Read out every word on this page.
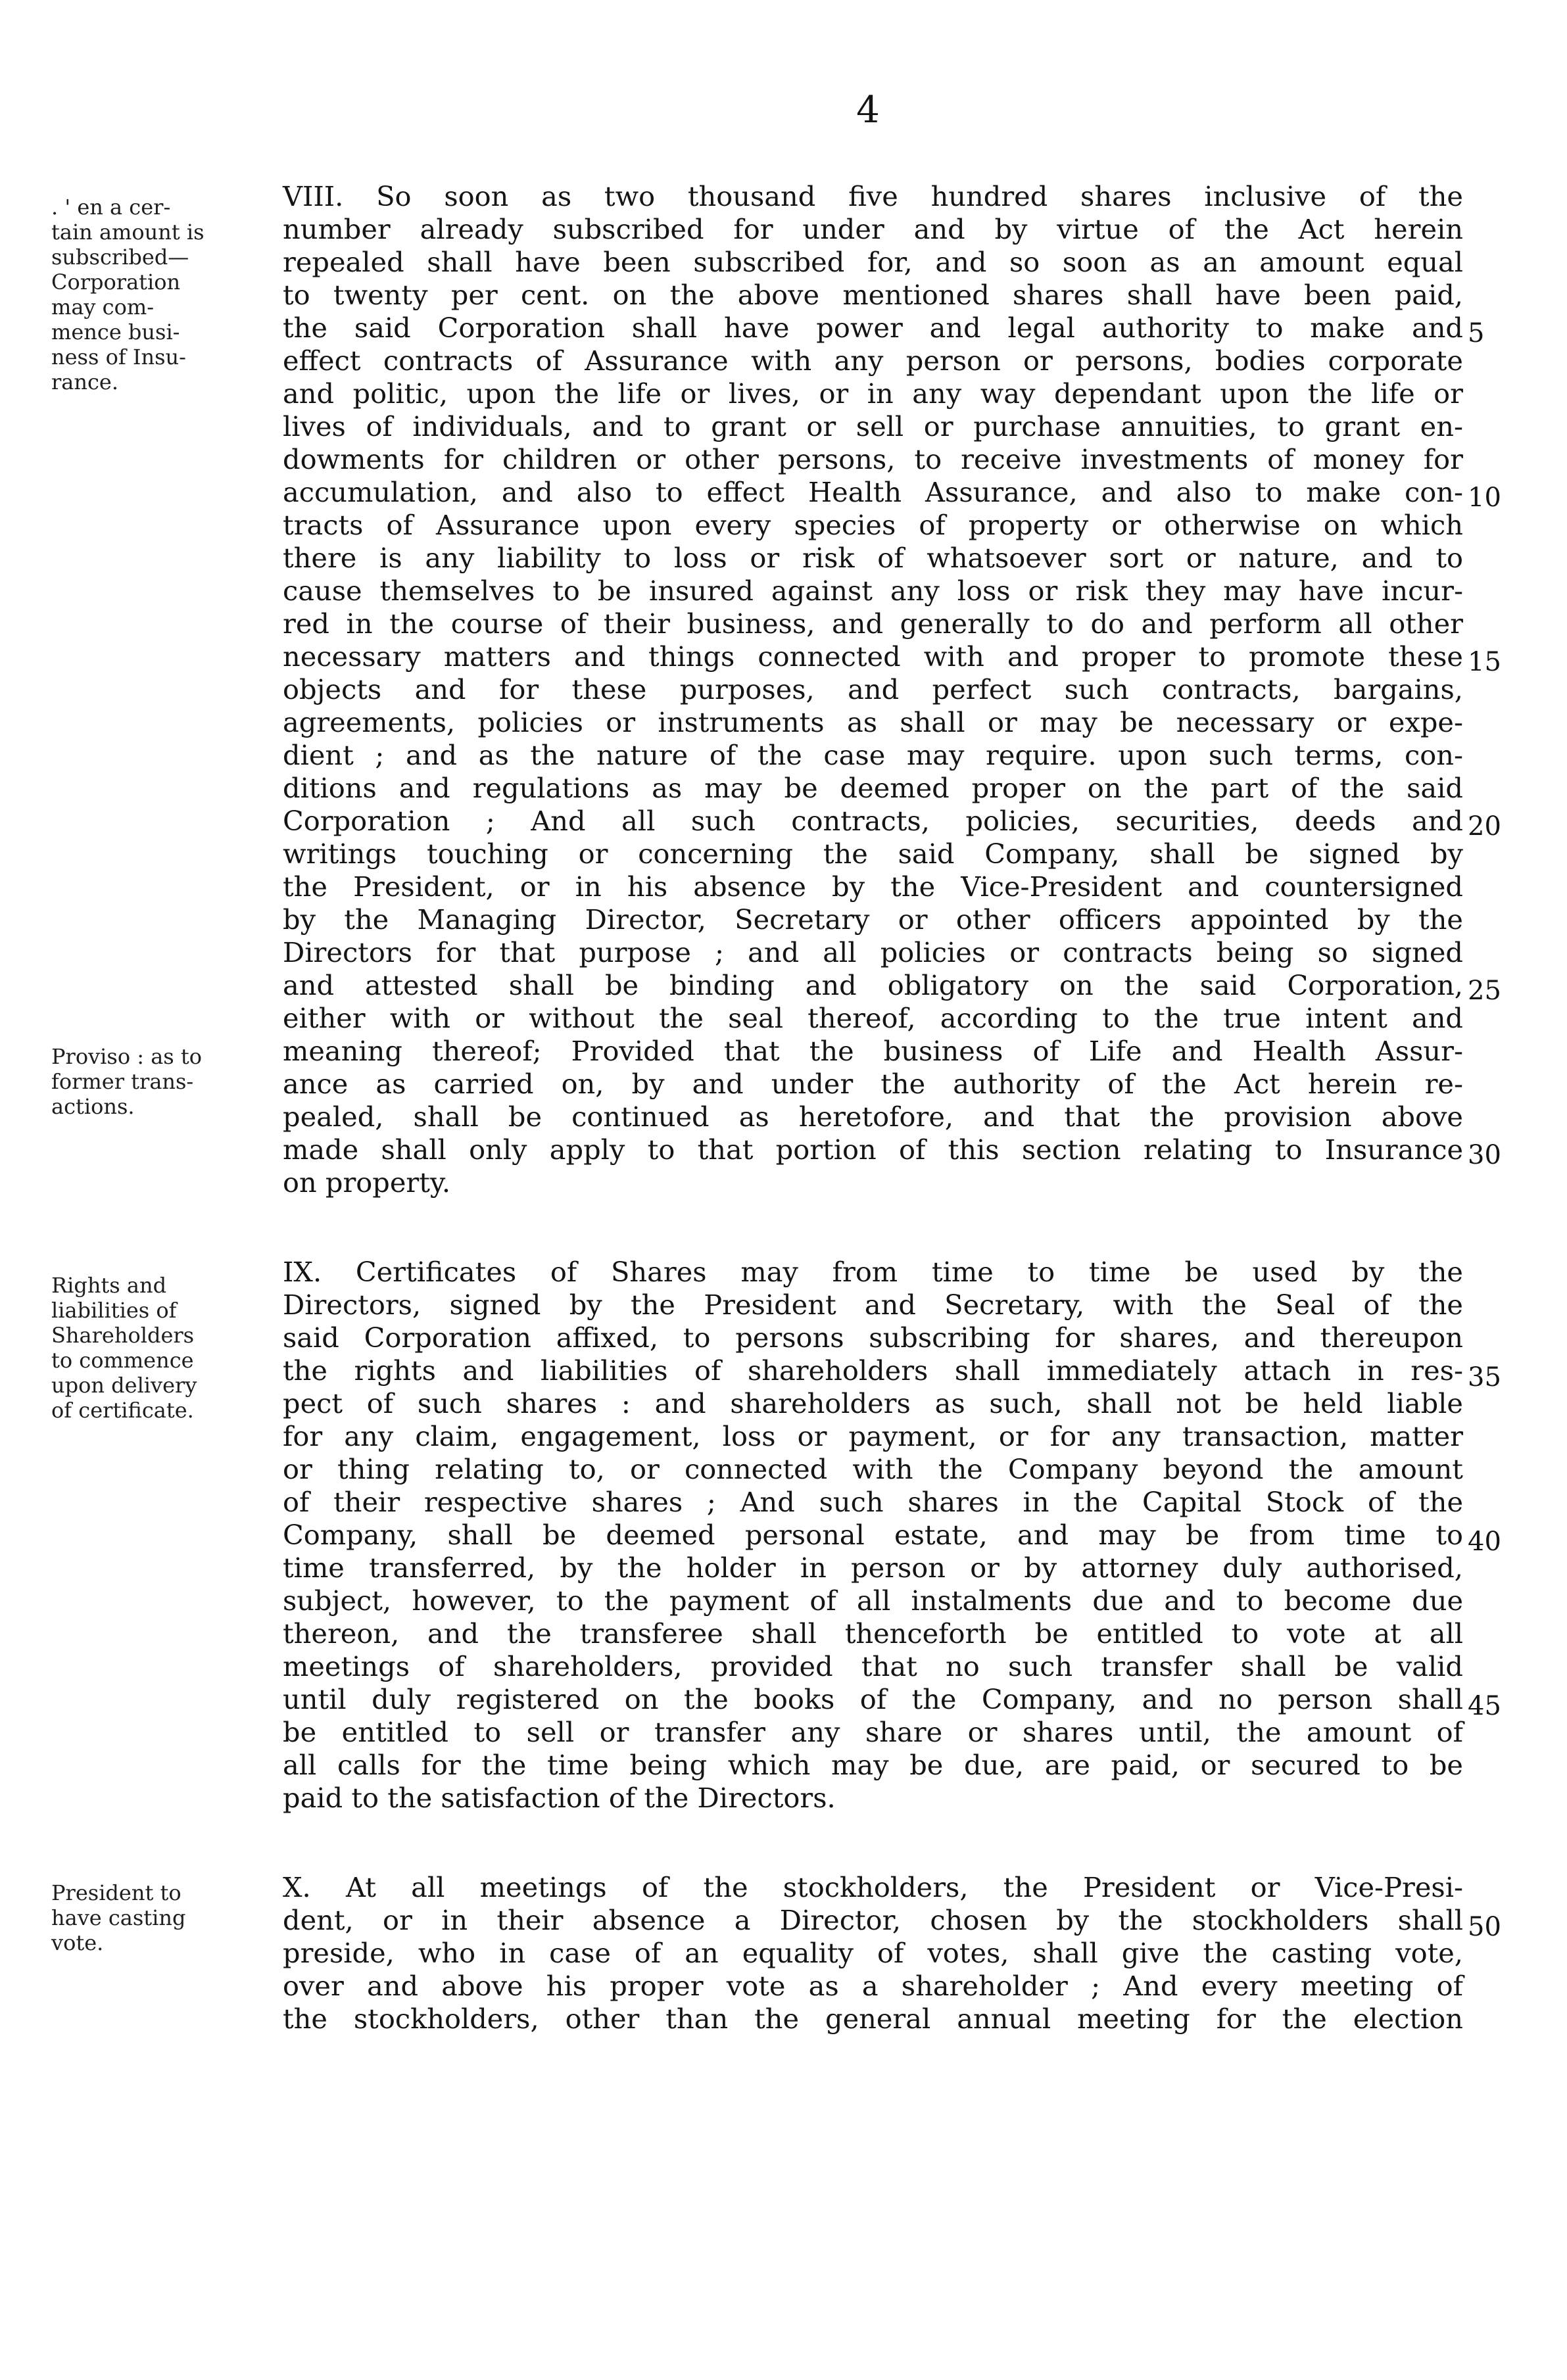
4
. ' en a cer-
tain amount is
subscribed—
Corporation
may com-
mence busi-
ness of Insu-
rance.
VIII. So soon as two thousand five hundred shares inclusive of the
number already subscribed for under and by virtue of the Act herein
repealed shall have been subscribed for, and so soon as an amount equal
to twenty per cent. on the above mentioned shares shall have been paid,
the said Corporation shall have power and legal authority to make and
effect contracts of Assurance with any person or persons, bodies corporate
and politic, upon the life or lives, or in any way dependant upon the life or
lives of individuals, and to grant or sell or purchase annuities, to grant en-
dowments for children or other persons, to receive investments of money for
accumulation, and also to effect Health Assurance, and also to make con-
tracts of Assurance upon every species of property or otherwise on which
there is any liability to loss or risk of whatsoever sort or nature, and to
cause themselves to be insured against any loss or risk they may have incur-
red in the course of their business, and generally to do and perform all other
necessary matters and things connected with and proper to promote these
objects and for these purposes, and perfect such contracts, bargains,
agreements, policies or instruments as shall or may be necessary or expe-
dient ; and as the nature of the case may require. upon such terms, con-
ditions and regulations as may be deemed proper on the part of the said
Corporation ; And all such contracts, policies, securities, deeds and
writings touching or concerning the said Company, shall be signed by
the President, or in his absence by the Vice-President and countersigned
by the Managing Director, Secretary or other officers appointed by the
Directors for that purpose ; and all policies or contracts being so signed
and attested shall be binding and obligatory on the said Corporation,
either with or without the seal thereof, according to the true intent and
meaning thereof; Provided that the business of Life and Health Assur-
ance as carried on, by and under the authority of the Act herein re-
pealed, shall be continued as heretofore, and that the provision above
made shall only apply to that portion of this section relating to Insurance
on property.
Proviso : as to
former trans-
actions.
Rights and
liabilities of
Shareholders
to commence
upon delivery
of certificate.
IX. Certificates of Shares may from time to time be used by the
Directors, signed by the President and Secretary, with the Seal of the
said Corporation affixed, to persons subscribing for shares, and thereupon
the rights and liabilities of shareholders shall immediately attach in res-
pect of such shares : and shareholders as such, shall not be held liable
for any claim, engagement, loss or payment, or for any transaction, matter
or thing relating to, or connected with the Company beyond the amount
of their respective shares ; And such shares in the Capital Stock of the
Company, shall be deemed personal estate, and may be from time to
time transferred, by the holder in person or by attorney duly authorised,
subject, however, to the payment of all instalments due and to become due
thereon, and the transferee shall thenceforth be entitled to vote at all
meetings of shareholders, provided that no such transfer shall be valid
until duly registered on the books of the Company, and no person shall
be entitled to sell or transfer any share or shares until, the amount of
all calls for the time being which may be due, are paid, or secured to be
paid to the satisfaction of the Directors.
President to
have casting
vote.
X. At all meetings of the stockholders, the President or Vice-Presi-
dent, or in their absence a Director, chosen by the stockholders shall
preside, who in case of an equality of votes, shall give the casting vote,
over and above his proper vote as a shareholder ; And every meeting of
the stockholders, other than the general annual meeting for the election
5
10
15
20
25
30
35
40
45
50
